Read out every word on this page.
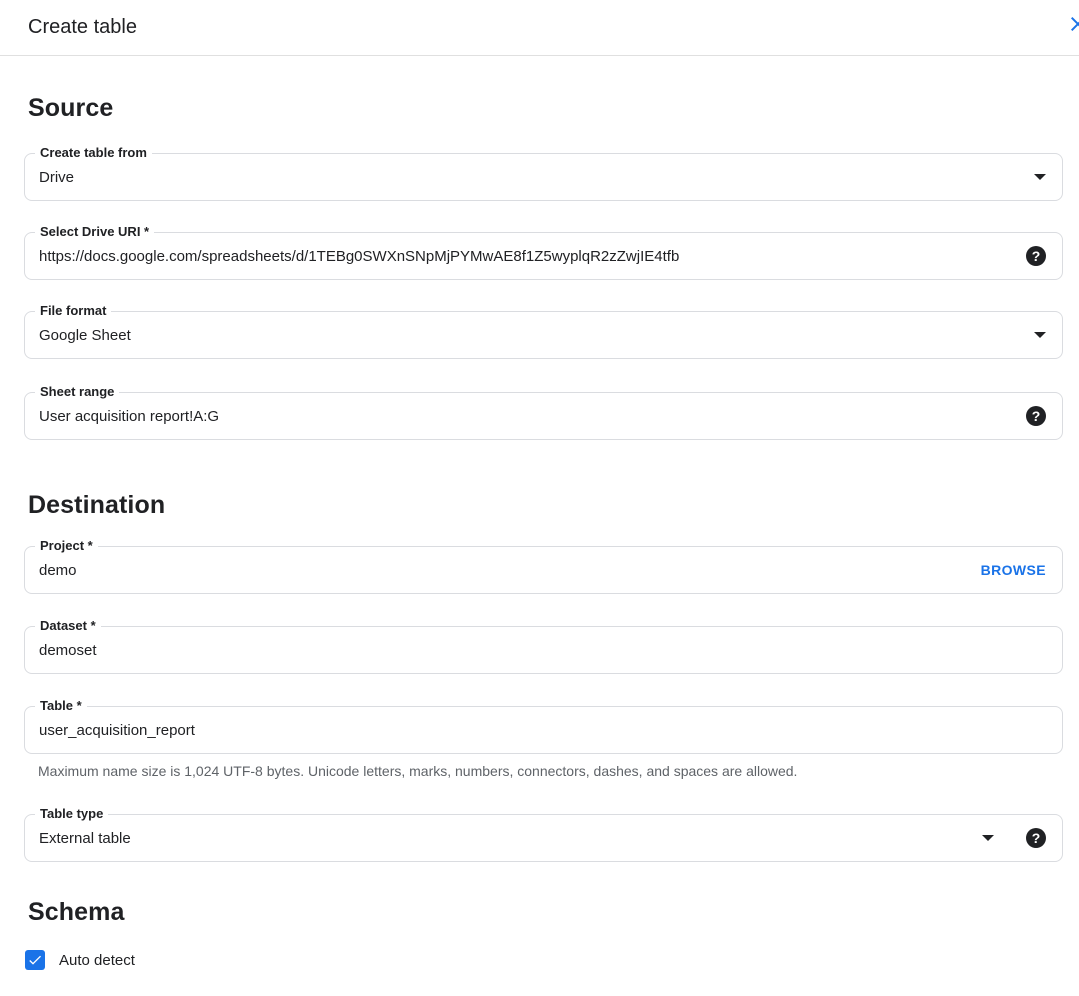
Create table
Source
Create table from
Drive
Select Drive URI *
https://docs.google.com/spreadsheets/d/1TEBg0SWXnSNpMjPYMwAE8f1Z5wyplqR2zZwjIE4tfb	?
File format
Google Sheet
Sheet range
User acquisition report!A:G	?
Destination
Project *
demo	BROWSE
Dataset *
demoset
Table *
user_acquisition_report
Maximum name size is 1,024 UTF-8 bytes. Unicode letters, marks, numbers, connectors, dashes, and spaces are allowed.
Table type
External table	?
Schema
Auto detect
